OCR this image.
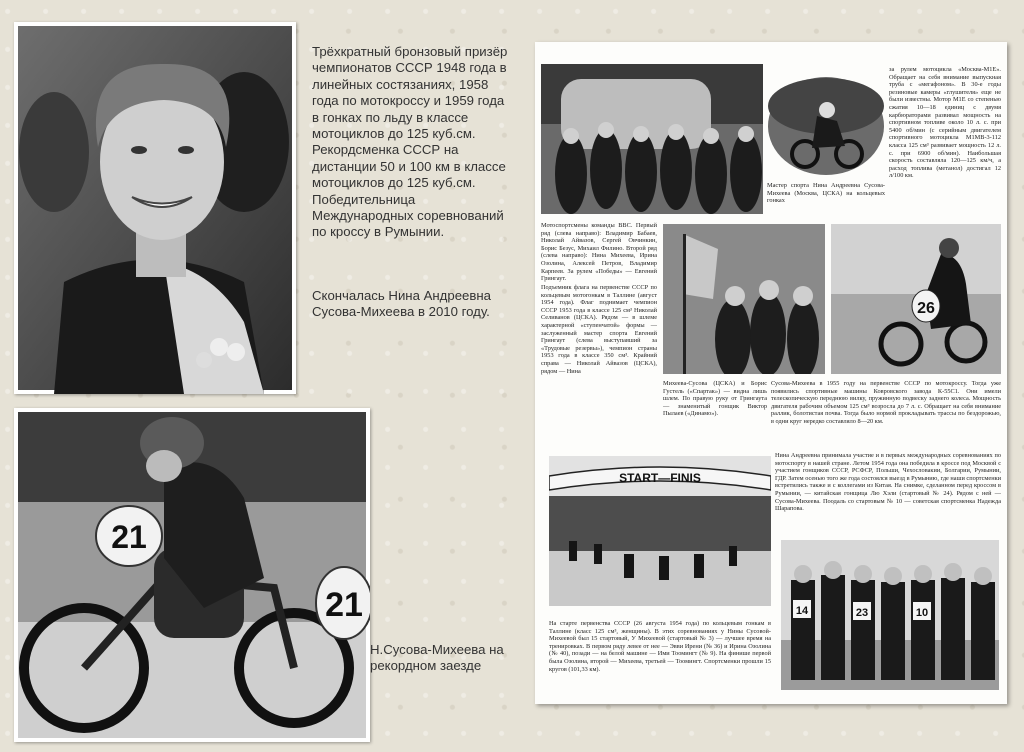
Трёхкратный бронзовый призёр чемпионатов СССР 1948 года в линейных состязаниях, 1958 года по мотокроссу и 1959 года в гонках по льду в классе мотоциклов до 125 куб.см. Рекордсменка СССР на дистанции 50 и 100 км в классе мотоциклов до 125 куб.см. Победительница Международных соревнований по кроссу в Румынии.
Скончалась Нина Андреевна Сусова-Михеева в 2010 году.
21
21
Н.Сусова-Михеева на рекордном заезде
за рулем мотоцикла «Москва-М1Е». Обращает на себя внимание выпускная труба с «мегафоном». В 30-е годы резиновые камеры «глушителя» еще не были известны. Мотор М1Е со степенью сжатия 10—18 единиц с двумя карбюраторами развивал мощность на спортивном топливе около 10 л. с. при 5400 об/мин (с серийным двигателем спортивного мотоцикла М1МВ-3-112 класса 125 см³ развивает мощность 12 л. с. при 6900 об/мин). Наибольшая скорость составляла 120—125 км/ч, а расход топлива (метанол) достигал 12 л/100 км.
Мастер спорта Нина Андреевна Сусова-Михеева (Москва, ЦСКА) на кольцевых гонках
Мотоспортсмены команды ВВС. Первый ряд (слева направо): Владимир Бабаев, Николай Айвазов, Сергей Овчинкин, Борис Безус, Михаил Филино. Второй ряд (слева направо): Нина Михеева, Ирина Озолина, Алексей Петров, Владимир Карпеев. За рулем «Победы» — Евгений Грингаут.
Подъемник флага на первенстве СССР по кольцевым мотогонкам в Таллине (август 1954 года). Флаг поднимает чемпион СССР 1953 года в классе 125 см³ Николай Селиванов (ЦСКА). Рядом — в шлеме характерной «ступенчатой» формы — заслуженный мастер спорта Евгений Грингаут (слева выступавший за «Трудовые резервы»), чемпион страны 1953 года в классе 350 см³. Крайний справа — Николай Айвазов (ЦСКА), рядом — Нина
26
Михеева-Сусова (ЦСКА) и Борис Густель («Спартак») — видна лишь шлем. По правую руку от Грингаута — знаменитый гонщик Виктор Пылаев («Динамо»).
Сусова-Михеева в 1955 году на первенстве СССР по мотокроссу. Тогда уже появились спортивные машины Ковровского завода К-55С1. Они имели телескопическую переднюю вилку, пружинную подвеску заднего колеса. Мощность двигателя рабочим объемом 125 см³ возросла до 7 л. с. Обращает на себя внимание раллик, болотистая почва. Тогда было нормой прокладывать трассы по бездорожью, в одни круг нередко составляло 8—20 км.
START—FINIS
Нина Андреевна принимала участие и в первых международных соревнованиях по мотоспорту в нашей стране. Летом 1954 года она победила в кроссе под Москвой с участием гонщиков СССР, РСФСР, Польши, Чехословакии, Болгарии, Румынии, ГДР. Затем осенью того же года состоялся выезд в Румынию, где наши спортсменки встретились также и с коллегами из Китая. На снимке, сделанном перед кроссом в Румынии, — китайская гонщица Лю Хэли (стартовый № 24). Рядом с ней — Сусова-Михеева. Поодаль со стартовым № 10 — советская спортсменка Надежда Шарапова.
14	23	10
На старте первенства СССР (26 августа 1954 года) по кольцевым гонкам в Таллине (класс 125 см³, женщины). В этих соревнованиях у Нины Сусовой-Михеевой был 15 стартовый, У Михеевой (стартовый № 3) — лучшее время на тренировках. В первом ряду левее от нее — Эвви Ирени (№ 36) и Ирина Озолина (№ 40), позади — на белой машине — Ими Тоомингт (№ 9). На финише первой была Озолина, второй — Михеева, третьей — Тоомингт. Спортсменки прошли 15 кругов (101,33 км).
